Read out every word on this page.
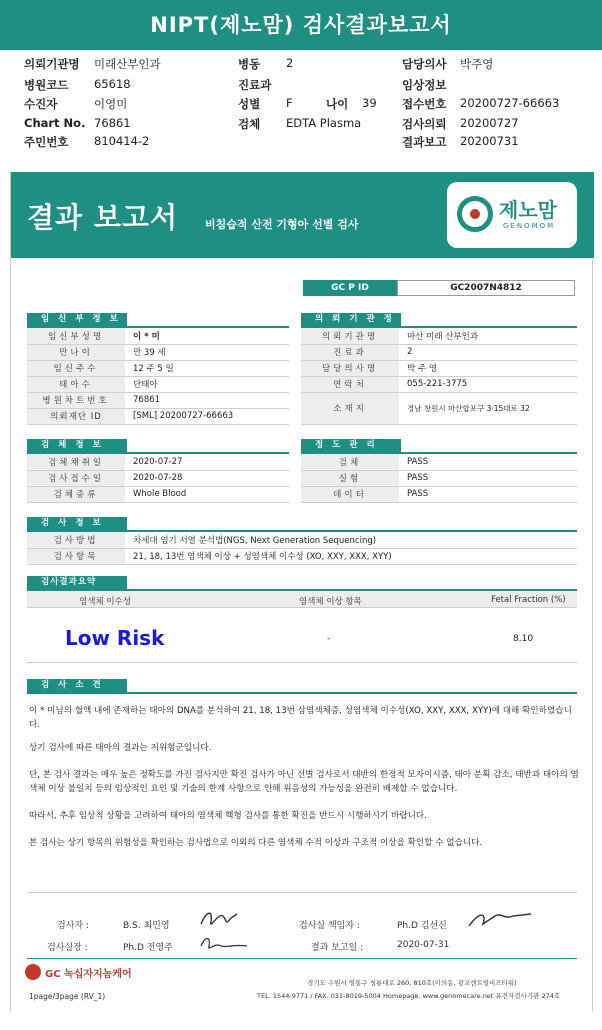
NIPT(제노맘) 검사결과보고서
의뢰기관명 미래산부인과
병원코드 65618
수진자	이영미
Chart No. 76861
주민번호 810414-2
병동 2
진료과
성별 F	나이 39
검체 EDTA Plasma
담당의사 박주영
임상정보
접수번호 20200727-66663
검사의뢰 20200727
결과보고 20200731
결과 보고서 비침습적 산전 기형아 선별 검사
제노맘
GENOMOM
GC P ID	GC2007N4812
임 신 부 정 보
임신부성명	이 * 미
만나이	만 39 세
임신주수	12 주 5 일
태아수	단태아
병원차트번호	76861
의뢰재단 ID	[SML] 20200727-66663
의 뢰 기 관 정
의뢰기관명	마산 미래 산부인과
진료과	2
담당의사명	박 주 영
연락처	055-221-3775
소재지	경남 창원시 마산합포구 3·15대로 32
검 체 정 보
검체채취일	2020-07-27
검사접수일	2020-07-28
검체종류	Whole Blood
정 도 관 리
검체	PASS
실험	PASS
데이터	PASS
검 사 정 보
검사방법	차세대 염기 서열 분석법(NGS, Next Generation Sequencing)
검사항목	21, 18, 13번 염색체 이상 + 성염색체 이수성 (XO, XXY, XXX, XYY)
검사결과요약
염색체 이수성	염색체 이상 항목	Fetal Fraction (%)
Low Risk	-	8.10
검 사 소 견
이 * 미님의 혈액 내에 존재하는 태아의 DNA를 분석하여 21, 18, 13번 삼염색체증, 성염색체 이수성(XO, XXY, XXX, XYY)에 대해 확인하였습니다.
상기 검사에 따른 태아의 결과는 저위험군입니다.
단, 본 검사 결과는 매우 높은 정확도를 가진 검사지만 확진 검사가 아닌 선별 검사로서 태반의 한정적 모자이시즘, 태아 분획 감소, 태반과 태아의 염색체 이상 불일치 등의 임상적인 요인 및 기술의 한계 사항으로 인해 위음성의 가능성을 완전히 배제할 수 없습니다.
따라서, 추후 임상적 상황을 고려하여 태아의 염색체 핵형 검사를 통한 확진을 반드시 시행하시기 바랍니다.
본 검사는 상기 항목의 위험성을 확인하는 검사법으로 이외의 다른 염색체 수적 이상과 구조적 이상을 확인할 수 없습니다.
검사자 :	B.S. 최민영
검사실장 :	Ph.D 전영주
검사실 책임자 :	Ph.D 김선신
결과 보고일 :	2020-07-31
GC 녹십자지놈케어
경기도 수원시 영통구 청룡대로 260, 810호(이의동, 광교센트럴비즈타워)
TEL. 1544-9771 / FAX. 031-8019-5004 Homepage. www.genomecare.net 유전자검사기관 274호
1page/3page (RV_1)
